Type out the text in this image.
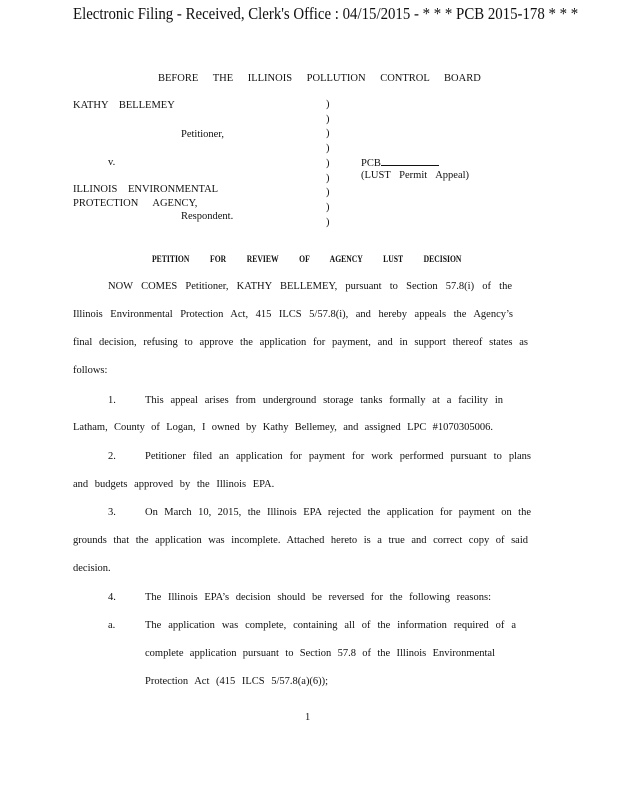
Electronic Filing - Received, Clerk's Office : 04/15/2015 - * * * PCB 2015-178 * * *
BEFORE THE ILLINOIS POLLUTION CONTROL BOARD
KATHY BELLEMEY
Petitioner,
v.
ILLINOIS ENVIRONMENTAL
PROTECTION AGENCY,
Respondent.
)
)
)
)
)
)
)
)
)
PCB
(LUST Permit Appeal)
PETITION FOR REVIEW OF AGENCY LUST DECISION
NOW COMES Petitioner, KATHY BELLEMEY, pursuant to Section 57.8(i) of the
Illinois Environmental Protection Act, 415 ILCS 5/57.8(i), and hereby appeals the Agency’s
final decision, refusing to approve the application for payment, and in support thereof states as
follows:
1.	This appeal arises from underground storage tanks formally at a facility in
Latham, County of Logan, I owned by Kathy Bellemey, and assigned LPC #1070305006.
2.	Petitioner filed an application for payment for work performed pursuant to plans
and budgets approved by the Illinois EPA.
3.	On March 10, 2015, the Illinois EPA rejected the application for payment on the
grounds that the application was incomplete. Attached hereto is a true and correct copy of said
decision.
4.	The Illinois EPA’s decision should be reversed for the following reasons:
a.	The application was complete, containing all of the information required of a
complete application pursuant to Section 57.8 of the Illinois Environmental
Protection Act (415 ILCS 5/57.8(a)(6));
1
